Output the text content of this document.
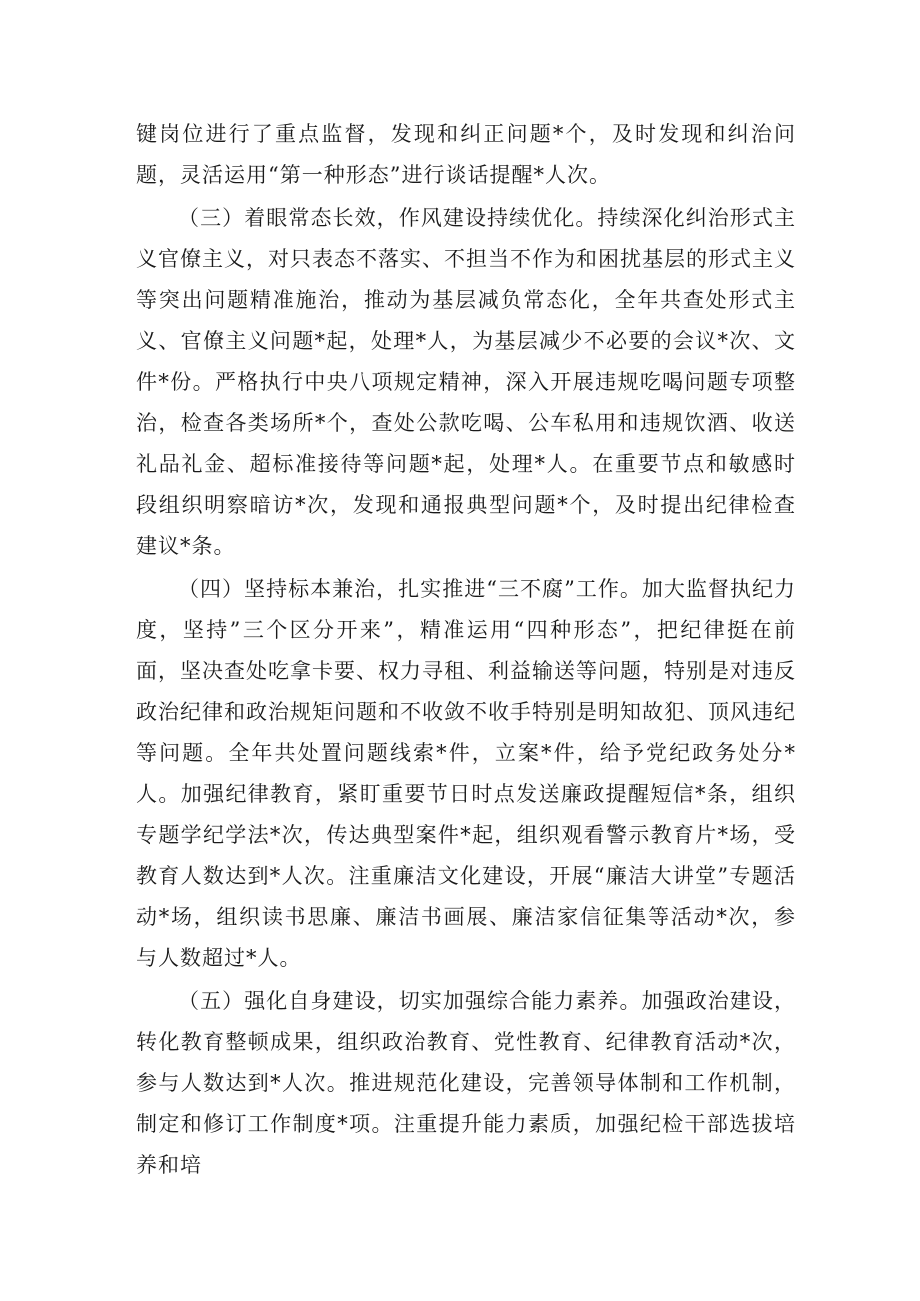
键岗位进行了重点监督，发现和纠正问题*个，及时发现和纠治问题，灵活运用“第一种形态”进行谈话提醒*人次。

（三）着眼常态长效，作风建设持续优化。持续深化纠治形式主义官僚主义，对只表态不落实、不担当不作为和困扰基层的形式主义等突出问题精准施治，推动为基层减负常态化，全年共查处形式主义、官僚主义问题*起，处理*人，为基层减少不必要的会议*次、文件*份。严格执行中央八项规定精神，深入开展违规吃喝问题专项整治，检查各类场所*个，查处公款吃喝、公车私用和违规饮酒、收送礼品礼金、超标准接待等问题*起，处理*人。在重要节点和敏感时段组织明察暗访*次，发现和通报典型问题*个，及时提出纪律检查建议*条。

（四）坚持标本兼治，扎实推进“三不腐”工作。加大监督执纪力度，坚持”三个区分开来”，精准运用“四种形态”，把纪律挺在前面，坚决查处吃拿卡要、权力寻租、利益输送等问题，特别是对违反政治纪律和政治规矩问题和不收敛不收手特别是明知故犯、顶风违纪等问题。全年共处置问题线索*件，立案*件，给予党纪政务处分*人。加强纪律教育，紧盯重要节日时点发送廉政提醒短信*条，组织专题学纪学法*次，传达典型案件*起，组织观看警示教育片*场，受教育人数达到*人次。注重廉洁文化建设，开展“廉洁大讲堂”专题活动*场，组织读书思廉、廉洁书画展、廉洁家信征集等活动*次，参与人数超过*人。

（五）强化自身建设，切实加强综合能力素养。加强政治建设，转化教育整顿成果，组织政治教育、党性教育、纪律教育活动*次，参与人数达到*人次。推进规范化建设，完善领导体制和工作机制，制定和修订工作制度*项。注重提升能力素质，加强纪检干部选拔培养和培
